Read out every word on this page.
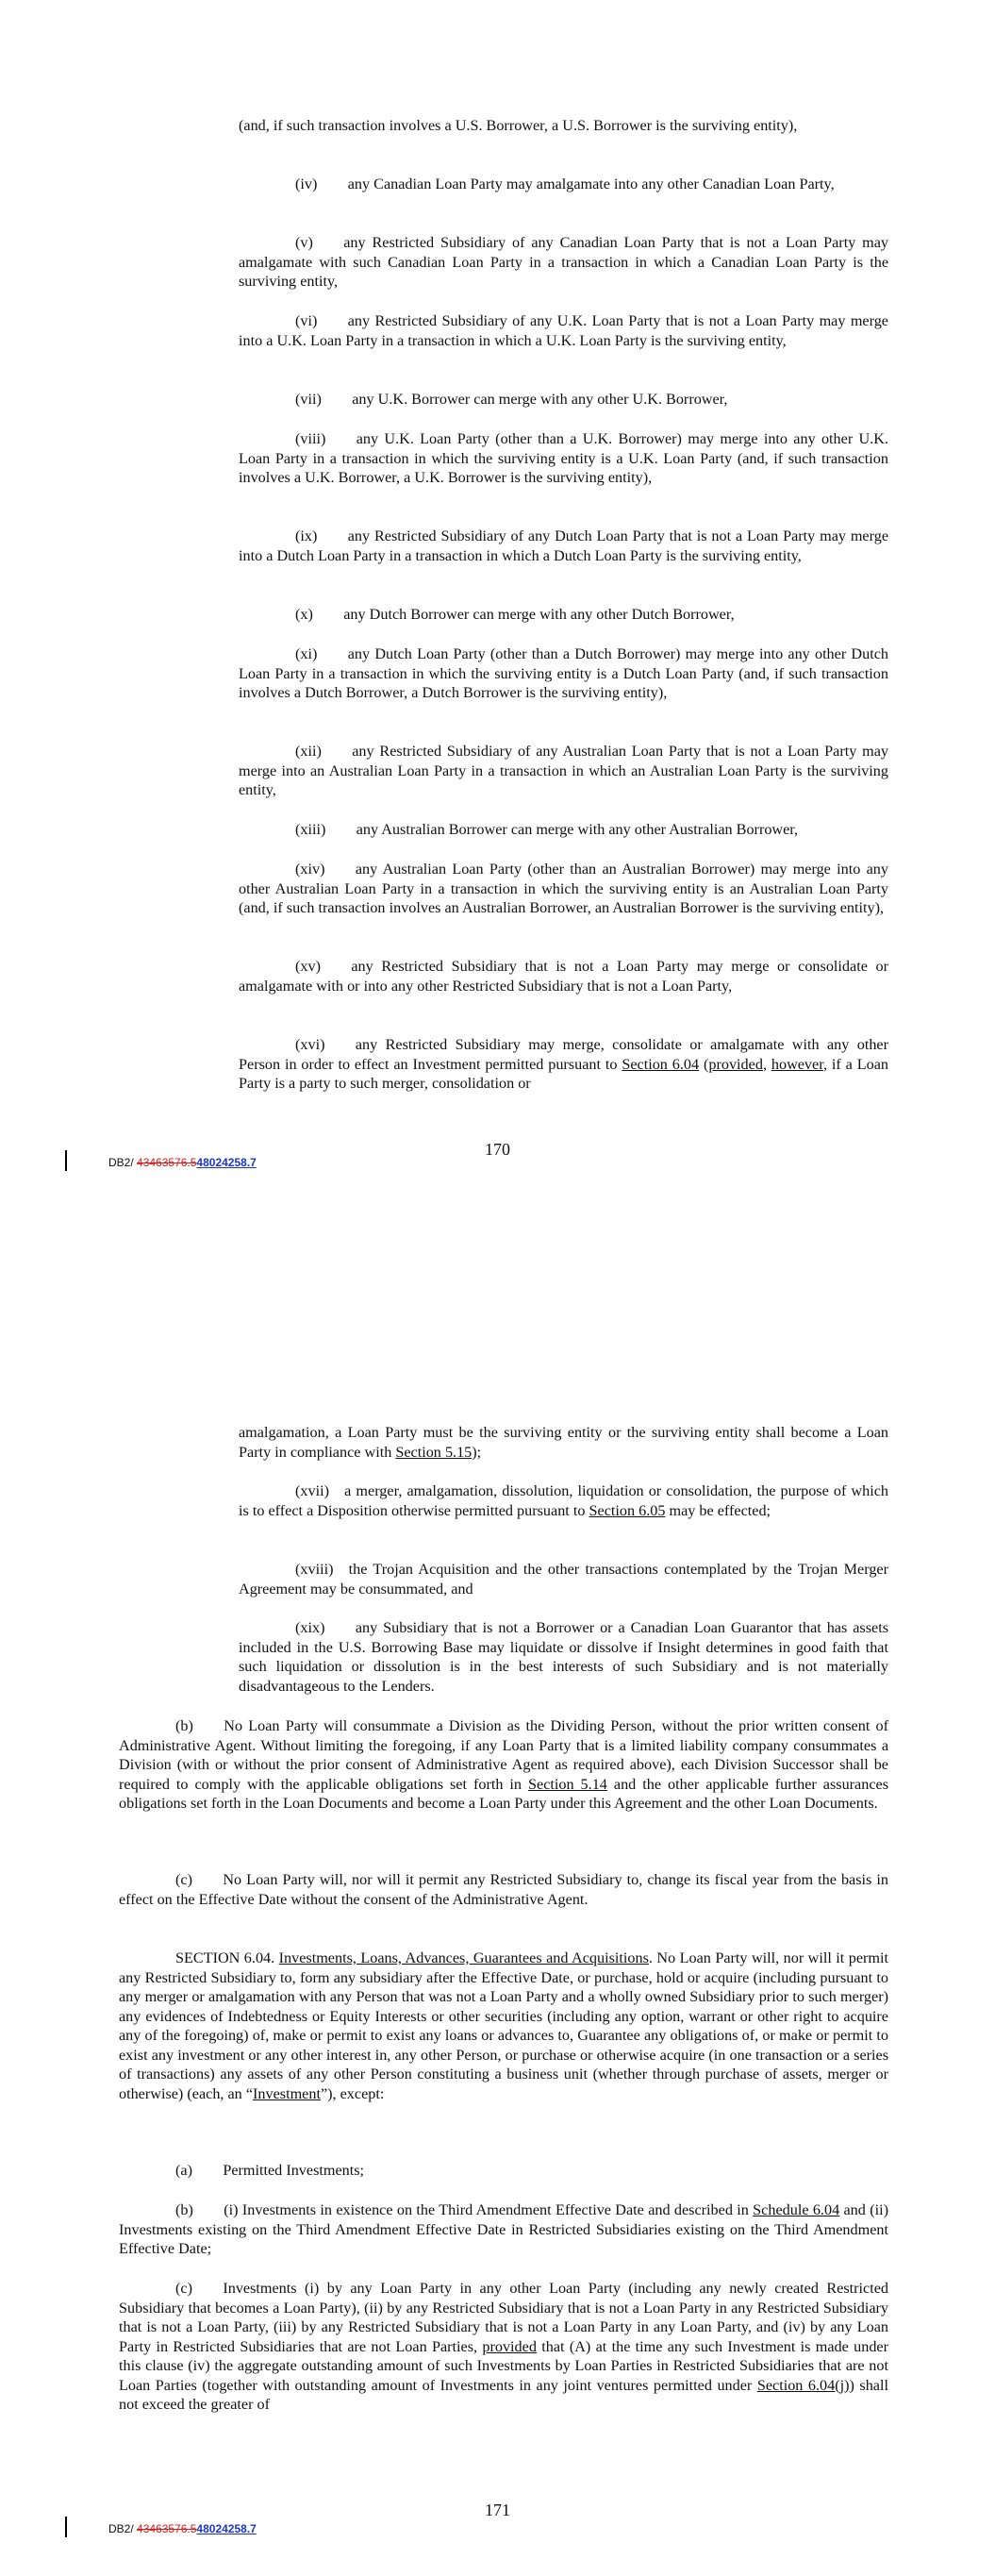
(and, if such transaction involves a U.S. Borrower, a U.S. Borrower is the surviving entity),

(iv)  any Canadian Loan Party may amalgamate into any other Canadian Loan Party,

(v)  any Restricted Subsidiary of any Canadian Loan Party that is not a Loan Party may amalgamate with such Canadian Loan Party in a transaction in which a Canadian Loan Party is the surviving entity,

(vi)  any Restricted Subsidiary of any U.K. Loan Party that is not a Loan Party may merge into a U.K. Loan Party in a transaction in which a U.K. Loan Party is the surviving entity,

(vii)  any U.K. Borrower can merge with any other U.K. Borrower,

(viii)  any U.K. Loan Party (other than a U.K. Borrower) may merge into any other U.K. Loan Party in a transaction in which the surviving entity is a U.K. Loan Party (and, if such transaction involves a U.K. Borrower, a U.K. Borrower is the surviving entity),

(ix)  any Restricted Subsidiary of any Dutch Loan Party that is not a Loan Party may merge into a Dutch Loan Party in a transaction in which a Dutch Loan Party is the surviving entity,

(x)  any Dutch Borrower can merge with any other Dutch Borrower,

(xi)  any Dutch Loan Party (other than a Dutch Borrower) may merge into any other Dutch Loan Party in a transaction in which the surviving entity is a Dutch Loan Party (and, if such transaction involves a Dutch Borrower, a Dutch Borrower is the surviving entity),

(xii)  any Restricted Subsidiary of any Australian Loan Party that is not a Loan Party may merge into an Australian Loan Party in a transaction in which an Australian Loan Party is the surviving entity,

(xiii)  any Australian Borrower can merge with any other Australian Borrower,

(xiv)  any Australian Loan Party (other than an Australian Borrower) may merge into any other Australian Loan Party in a transaction in which the surviving entity is an Australian Loan Party (and, if such transaction involves an Australian Borrower, an Australian Borrower is the surviving entity),

(xv)  any Restricted Subsidiary that is not a Loan Party may merge or consolidate or amalgamate with or into any other Restricted Subsidiary that is not a Loan Party,

(xvi)  any Restricted Subsidiary may merge, consolidate or amalgamate with any other Person in order to effect an Investment permitted pursuant to Section 6.04 (provided, however, if a Loan Party is a party to such merger, consolidation or

170
DB2/ 43463576.548024258.7

amalgamation, a Loan Party must be the surviving entity or the surviving entity shall become a Loan Party in compliance with Section 5.15);

(xvii) a merger, amalgamation, dissolution, liquidation or consolidation, the purpose of which is to effect a Disposition otherwise permitted pursuant to Section 6.05 may be effected;

(xviii) the Trojan Acquisition and the other transactions contemplated by the Trojan Merger Agreement may be consummated, and

(xix)  any Subsidiary that is not a Borrower or a Canadian Loan Guarantor that has assets included in the U.S. Borrowing Base may liquidate or dissolve if Insight determines in good faith that such liquidation or dissolution is in the best interests of such Subsidiary and is not materially disadvantageous to the Lenders.

(b)  No Loan Party will consummate a Division as the Dividing Person, without the prior written consent of Administrative Agent. Without limiting the foregoing, if any Loan Party that is a limited liability company consummates a Division (with or without the prior consent of Administrative Agent as required above), each Division Successor shall be required to comply with the applicable obligations set forth in Section 5.14 and the other applicable further assurances obligations set forth in the Loan Documents and become a Loan Party under this Agreement and the other Loan Documents.

(c)  No Loan Party will, nor will it permit any Restricted Subsidiary to, change its fiscal year from the basis in effect on the Effective Date without the consent of the Administrative Agent.

SECTION 6.04. Investments, Loans, Advances, Guarantees and Acquisitions. No Loan Party will, nor will it permit any Restricted Subsidiary to, form any subsidiary after the Effective Date, or purchase, hold or acquire (including pursuant to any merger or amalgamation with any Person that was not a Loan Party and a wholly owned Subsidiary prior to such merger) any evidences of Indebtedness or Equity Interests or other securities (including any option, warrant or other right to acquire any of the foregoing) of, make or permit to exist any loans or advances to, Guarantee any obligations of, or make or permit to exist any investment or any other interest in, any other Person, or purchase or otherwise acquire (in one transaction or a series of transactions) any assets of any other Person constituting a business unit (whether through purchase of assets, merger or otherwise) (each, an “Investment”), except:

(a)  Permitted Investments;

(b)  (i) Investments in existence on the Third Amendment Effective Date and described in Schedule 6.04 and (ii) Investments existing on the Third Amendment Effective Date in Restricted Subsidiaries existing on the Third Amendment Effective Date;

(c)  Investments (i) by any Loan Party in any other Loan Party (including any newly created Restricted Subsidiary that becomes a Loan Party), (ii) by any Restricted Subsidiary that is not a Loan Party in any Restricted Subsidiary that is not a Loan Party, (iii) by any Restricted Subsidiary that is not a Loan Party in any Loan Party, and (iv) by any Loan Party in Restricted Subsidiaries that are not Loan Parties, provided that (A) at the time any such Investment is made under this clause (iv) the aggregate outstanding amount of such Investments by Loan Parties in Restricted Subsidiaries that are not Loan Parties (together with outstanding amount of Investments in any joint ventures permitted under Section 6.04(j)) shall not exceed the greater of

171
DB2/ 43463576.548024258.7
